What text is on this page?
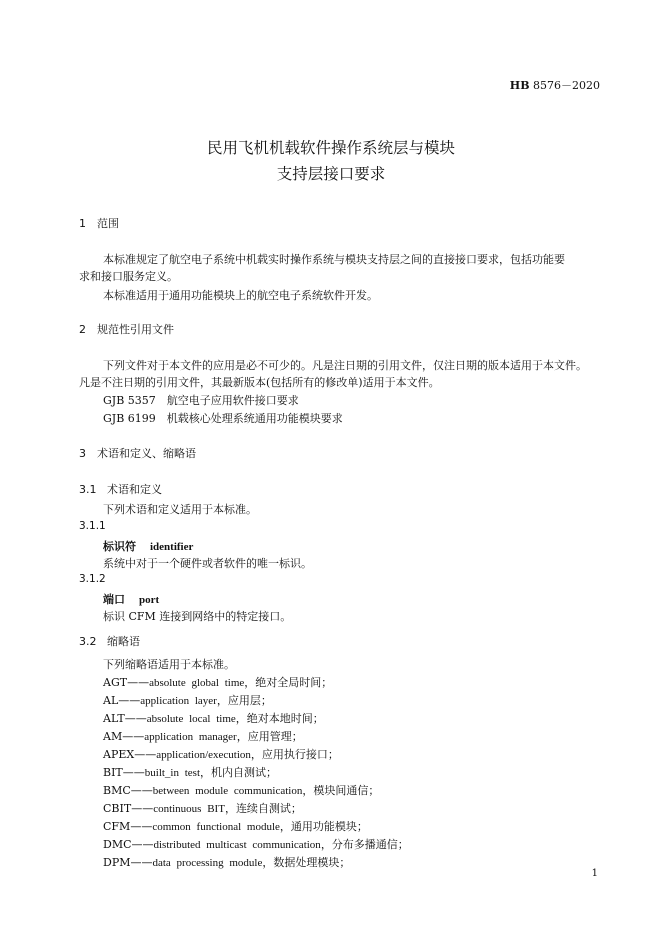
HB 8576－2020
民用飞机机载软件操作系统层与模块
支持层接口要求
1 范围
本标准规定了航空电子系统中机载实时操作系统与模块支持层之间的直接接口要求，包括功能要
求和接口服务定义。
本标准适用于通用功能模块上的航空电子系统软件开发。
2 规范性引用文件
下列文件对于本文件的应用是必不可少的。凡是注日期的引用文件，仅注日期的版本适用于本文件。
凡是不注日期的引用文件，其最新版本(包括所有的修改单)适用于本文件。
GJB 5357　航空电子应用软件接口要求
GJB 6199　机载核心处理系统通用功能模块要求
3 术语和定义、缩略语
3.1 术语和定义
下列术语和定义适用于本标准。
3.1.1
标识符 identifier
系统中对于一个硬件或者软件的唯一标识。
3.1.2
端口 port
标识 CFM 连接到网络中的特定接口。
3.2 缩略语
下列缩略语适用于本标准。
AGT——absolute global time，绝对全局时间；
AL——application layer，应用层；
ALT——absolute local time，绝对本地时间；
AM——application manager，应用管理；
APEX——application/execution，应用执行接口；
BIT——built_in test，机内自测试；
BMC——between module communication，模块间通信；
CBIT——continuous BIT，连续自测试；
CFM——common functional module，通用功能模块；
DMC——distributed multicast communication，分布多播通信；
DPM——data processing module，数据处理模块；
1
